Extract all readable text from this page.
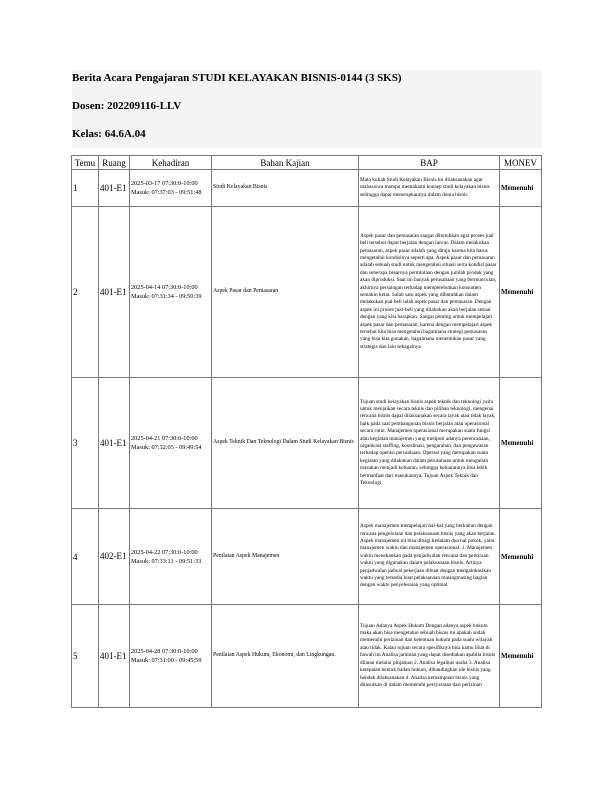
Berita Acara Pengajaran STUDI KELAYAKAN BISNIS-0144 (3 SKS)
Dosen: 202209116-LLV
Kelas: 64.6A.04
Temu	Ruang	Kehadiran	Bahan Kajian	BAP	MONEV
1	401-E1	2025-03-17 07:30:0-10:00
Masuk: 07:37:03 - 09:51:48	Studi Kelayakan Bisnis	Mata kuliah Studi Kelayakan Bisnis ini dilaksanakan agar mahasiswa mampu memahami konsep studi kelayakan bisnis sehingga dapat menerapkannya dalam dunia bisnis	Memenuhi
2	401-E1	2025-04-14 07:30:0-10:00
Masuk: 07:31:34 - 09:50:39	Aspek Pasar dan Pemasaran	Aspek pasar dan pemasaran sangat dibutuhkan agar proses jual beli tersebut dapat berjalan dengan lancar. Dalam melakukan pemasaran, aspek pasar adalah yang dituju karena kita harus mengetahui kondisinya seperti apa. Aspek pasar dan pemasaran adalah sebuah studi untuk mengetahui situasi serta kondisi pasar dan seberapa besarnya permintaan dengan jumlah produk yang akan diproduksi. Saat ini banyak perusahaan yang bermunculan, akhirnya persaingan terhadap memperebutkan konsumen semakin ketat. Salah satu aspek yang dibutuhkan dalam melakukan jual beli ialah aspek pasar dan pemasaran. Dengan aspek ini proses jual-beli yang dilakukan akan berjalan sesuai dengan yang kita harapkan. Sangat penting untuk mempelajari aspek pasar dan pemasaran, karena dengan mempelajari aspek tersebut kita bisa mengetahui bagaimana strategi pemasaran yang bisa kita gunakan, bagaimana menentukan pasar yang strategis dan lain sebagainya	Memenuhi
3	401-E1	2025-04-21 07:30:0-10:00
Masuk: 07:32:05 - 09:49:54	Aspek Teknik Dan Teknologi Dalam Studi Kelayakan Bisnis	Tujuan studi kelayakan bisnis aspek teknik dan teknologi yaitu untuk menjaikan secara teknis dan pilihan teknologi, mengenai rencana bisnis dapat dilaksanakan secara layak atau tidak layak, baik pada saat pembangunan bisnis berjalan atau operasional secara rutin. Manajemen operasional merupakan suatu fungsi atau kegiatan manajemen yang meliputi adanya perencanaan, organisasi staffing, koordinasi, pengarahan, dan pengawasan terhadap operasi perusahaan. Operasi yang merupakan suatu kegiatan yang dilakukan dalam perusahaan untuk mengubah masukan menjadi keluaran, sehingga keluarannya bisa lebih bermanfaat dari masukannya. Tujuan Aspek Teknik dan Teknologi	Memenuhi
4	402-E1	2025-04-22 07:30:0-10:00
Masuk: 07:33:11 - 09:51:33	Penilaian Aspek Manajemen	Aspek manajemen mempelajari hal-hal yang berkaitan dengan rencana pengelolaan dan pelaksanaan bisnis yang akan berjalan. Aspek manajemen ini bisa dibagi kedalam dua hal pokok, yaitu manajemen waktu dan manajemen operasional. 1. Manajemen waktu menekankan pada penjadwalan rencana dan perkiraan waktu yang digunakan dalam pelaksanaan bisnis. Artinya penjadwalan jadwal pekerjaan dibuat dengan mengalokasikan waktu yang tersedia buat pelaksanaan masingmasing bagian dengan waktu penyelesaian yang optimal	Memenuhi
5	401-E1	2025-04-28 07:30:0-10:00
Masuk: 07:31:00 - 09:45:59	Penilaian Aspek Hukum, Ekonomi, dan Lingkungan.	Tujuan Adanya Aspek Hukum Dengan adanya aspek hukum maka akan bisa mengetahui sebuah bisnis itu apakah sudah memenuhi perizinan dan ketentuan hukum pada suatu wilayah atau tidak. Kalau tujuan secara spesifiknya bisa kamu lihat di bawah ini Analisa jaminan yang dapat disediakan apabila bisnis dilanai melalui pinjaman 2. Analisa legalitas usaha 3. Analisa ketepatan bentuk badan hukum, dihandingkan ide bisnis yang hendak dilaksanakan 4. Analisa kemampuan bisnis yang ditusulkan di dalam memenuhi persyaratan dari perizinan	Memenuhi
